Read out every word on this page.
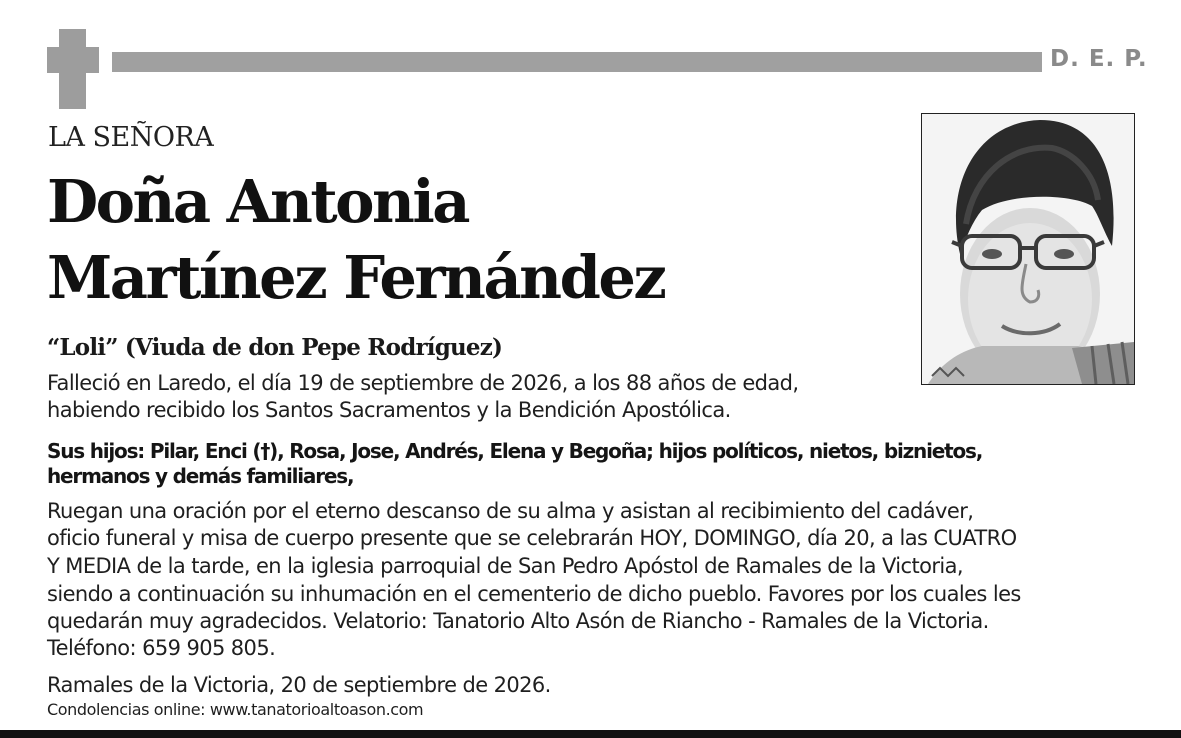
D. E. P.
LA SEÑORA
Doña Antonia
Martínez Fernández
“Loli” (Viuda de don Pepe Rodríguez)
Falleció en Laredo, el día 19 de septiembre de 2026, a los 88 años de edad,
habiendo recibido los Santos Sacramentos y la Bendición Apostólica.
Sus hijos: Pilar, Enci (†), Rosa, Jose, Andrés, Elena y Begoña; hijos políticos, nietos, biznietos,
hermanos y demás familiares,
Ruegan una oración por el eterno descanso de su alma y asistan al recibimiento del cadáver,
oficio funeral y misa de cuerpo presente que se celebrarán HOY, DOMINGO, día 20, a las CUATRO
Y MEDIA de la tarde, en la iglesia parroquial de San Pedro Apóstol de Ramales de la Victoria,
siendo a continuación su inhumación en el cementerio de dicho pueblo. Favores por los cuales les
quedarán muy agradecidos. Velatorio: Tanatorio Alto Asón de Riancho - Ramales de la Victoria.
Teléfono: 659 905 805.
Ramales de la Victoria, 20 de septiembre de 2026.
Condolencias online: www.tanatorioaltoason.com
